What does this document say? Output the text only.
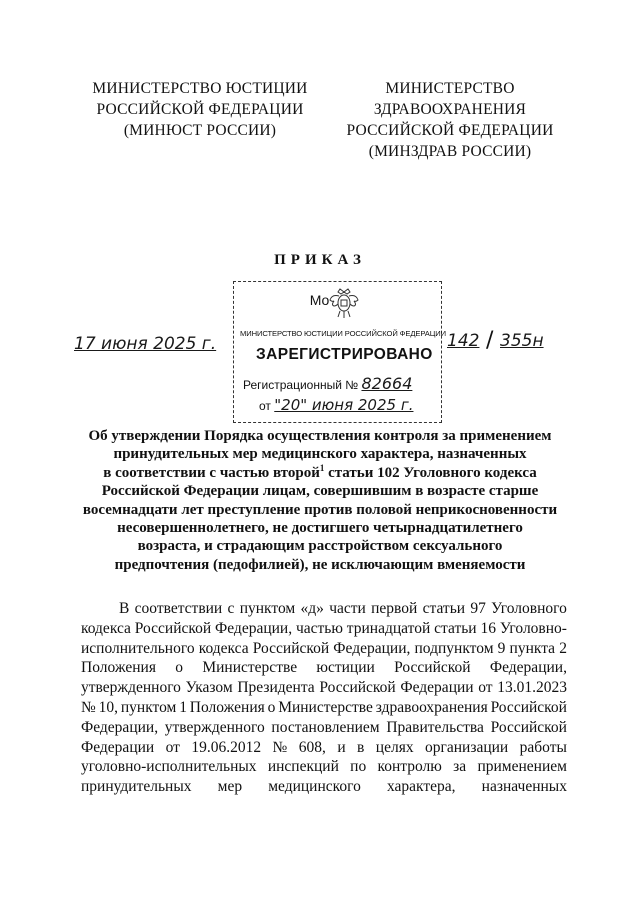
МИНИСТЕРСТВО ЮСТИЦИИ
РОССИЙСКОЙ ФЕДЕРАЦИИ
(МИНЮСТ РОССИИ)
МИНИСТЕРСТВО
ЗДРАВООХРАНЕНИЯ
РОССИЙСКОЙ ФЕДЕРАЦИИ
(МИНЗДРАВ РОССИИ)
ПРИКАЗ
17 июня 2025 г.	142 / 355н
Мо
МИНИСТЕРСТВО ЮСТИЦИИ РОССИЙСКОЙ ФЕДЕРАЦИИ
ЗАРЕГИСТРИРОВАНО
Регистрационный № 82664
от "20" июня 2025 г.
Об утверждении Порядка осуществления контроля за применением
принудительных мер медицинского характера, назначенных
в соответствии с частью второй$^1$ статьи 102 Уголовного кодекса
Российской Федерации лицам, совершившим в возрасте старше
восемнадцати лет преступление против половой неприкосновенности
несовершеннолетнего, не достигшего четырнадцатилетнего
возраста, и страдающим расстройством сексуального
предпочтения (педофилией), не исключающим вменяемости
В соответствии с пунктом «д» части первой статьи 97 Уголовного
кодекса Российской Федерации, частью тринадцатой статьи 16 Уголовно-
исполнительного кодекса Российской Федерации, подпунктом 9 пункта 2
Положения о Министерстве юстиции Российской Федерации,
утвержденного Указом Президента Российской Федерации от 13.01.2023
№ 10, пунктом 1 Положения о Министерстве здравоохранения Российской
Федерации, утвержденного постановлением Правительства Российской
Федерации от 19.06.2012 № 608, и в целях организации работы
уголовно-исполнительных инспекций по контролю за применением
принудительных мер медицинского характера, назначенных
